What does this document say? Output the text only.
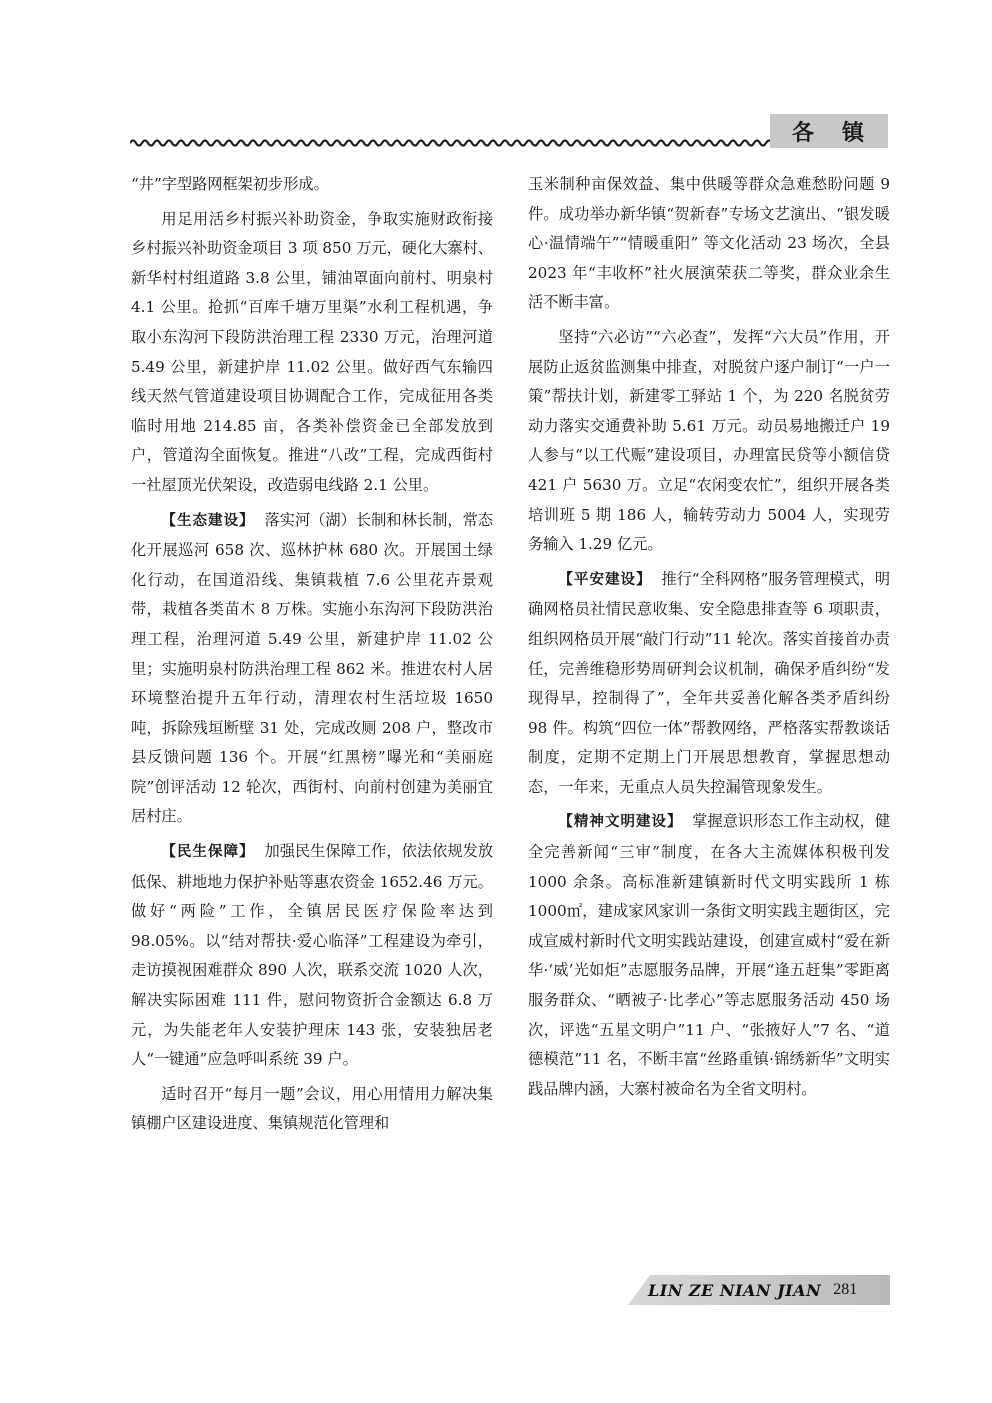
各 镇

“井”字型路网框架初步形成。

用足用活乡村振兴补助资金，争取实施财政衔接乡村振兴补助资金项目 3 项 850 万元，硬化大寨村、新华村村组道路 3.8 公里，铺油罩面向前村、明泉村 4.1 公里。抢抓“百库千塘万里渠”水利工程机遇，争取小东沟河下段防洪治理工程 2330 万元，治理河道 5.49 公里，新建护岸 11.02 公里。做好西气东输四线天然气管道建设项目协调配合工作，完成征用各类临时用地 214.85 亩，各类补偿资金已全部发放到户，管道沟全面恢复。推进“八改”工程，完成西街村一社屋顶光伏架设，改造弱电线路 2.1 公里。

【生态建设】 落实河（湖）长制和林长制，常态化开展巡河 658 次、巡林护林 680 次。开展国土绿化行动，在国道沿线、集镇栽植 7.6 公里花卉景观带，栽植各类苗木 8 万株。实施小东沟河下段防洪治理工程，治理河道 5.49 公里，新建护岸 11.02 公里；实施明泉村防洪治理工程 862 米。推进农村人居环境整治提升五年行动，清理农村生活垃圾 1650 吨，拆除残垣断壁 31 处，完成改厕 208 户，整改市县反馈问题 136 个。开展“红黑榜”曝光和“美丽庭院”创评活动 12 轮次，西街村、向前村创建为美丽宜居村庄。

【民生保障】 加强民生保障工作，依法依规发放低保、耕地地力保护补贴等惠农资金 1652.46 万元。做好“两险”工作，全镇居民医疗保险率达到 98.05%。以“结对帮扶·爱心临泽”工程建设为牵引，走访摸视困难群众 890 人次，联系交流 1020 人次，解决实际困难 111 件，慰问物资折合金额达 6.8 万元，为失能老年人安装护理床 143 张，安装独居老人“一键通”应急呼叫系统 39 户。

适时召开“每月一题”会议，用心用情用力解决集镇棚户区建设进度、集镇规范化管理和

玉米制种亩保效益、集中供暖等群众急难愁盼问题 9 件。成功举办新华镇“贺新春”专场文艺演出、“银发暖心·温情端午”“情暖重阳” 等文化活动 23 场次，全县 2023 年“丰收杯”社火展演荣获二等奖，群众业余生活不断丰富。

坚持“六必访”“六必查”，发挥“六大员”作用，开展防止返贫监测集中排查，对脱贫户逐户制订“一户一策”帮扶计划，新建零工驿站 1 个，为 220 名脱贫劳动力落实交通费补助 5.61 万元。动员易地搬迁户 19 人参与“以工代赈”建设项目，办理富民贷等小额信贷 421 户 5630 万。立足“农闲变农忙”，组织开展各类培训班 5 期 186 人，输转劳动力 5004 人，实现劳务输入 1.29 亿元。

【平安建设】 推行“全科网格”服务管理模式，明确网格员社情民意收集、安全隐患排查等 6 项职责，组织网格员开展“敲门行动”11 轮次。落实首接首办责任，完善维稳形势周研判会议机制，确保矛盾纠纷“发现得早，控制得了”，全年共妥善化解各类矛盾纠纷 98 件。构筑“四位一体”帮教网络，严格落实帮教谈话制度，定期不定期上门开展思想教育，掌握思想动态，一年来，无重点人员失控漏管现象发生。

【精神文明建设】 掌握意识形态工作主动权，健全完善新闻“三审”制度，在各大主流媒体积极刊发 1000 余条。高标准新建镇新时代文明实践所 1 栋 1000㎡，建成家风家训一条街文明实践主题街区，完成宣威村新时代文明实践站建设，创建宣威村“爱在新华·‘威’光如炬”志愿服务品牌，开展“逢五赶集”零距离服务群众、“晒被子·比孝心”等志愿服务活动 450 场次，评选“五星文明户”11 户、“张掖好人”7 名、“道德模范”11 名，不断丰富“丝路重镇·锦绣新华”文明实践品牌内涵，大寨村被命名为全省文明村。

LIN ZE NIAN JIAN 281
